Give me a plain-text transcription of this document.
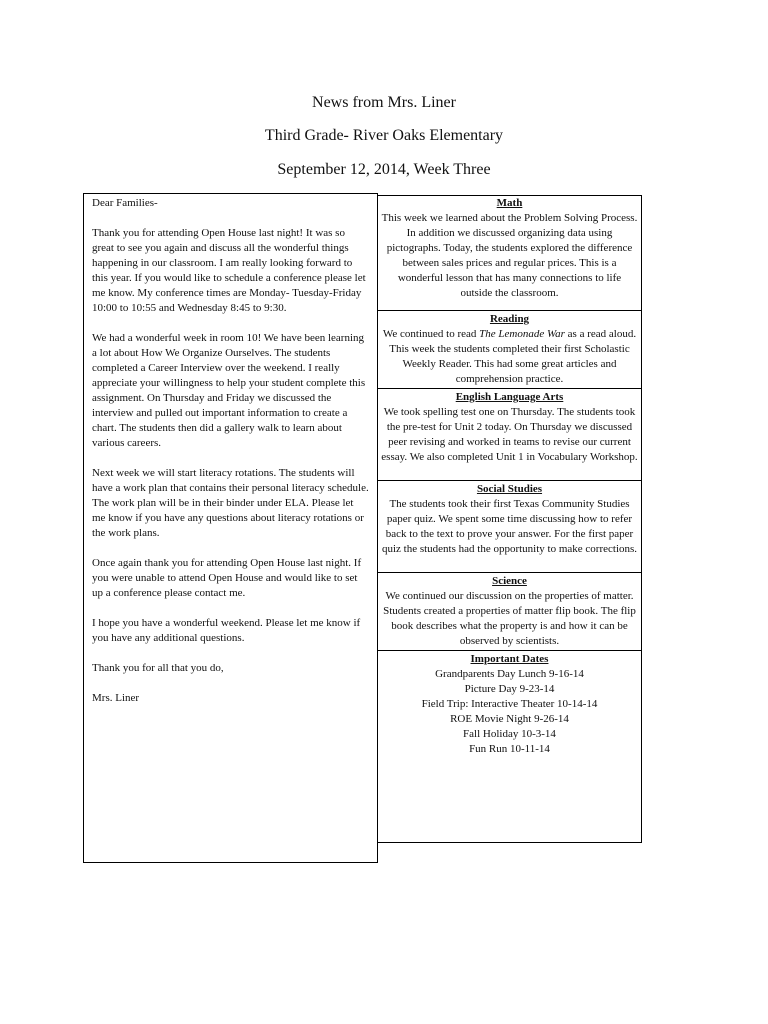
News from Mrs. Liner
Third Grade- River Oaks Elementary
September 12, 2014, Week Three

Dear Families-

Thank you for attending Open House last night! It was so great to see you again and discuss all the wonderful things happening in our classroom. I am really looking forward to this year. If you would like to schedule a conference please let me know. My conference times are Monday- Tuesday-Friday 10:00 to 10:55 and Wednesday 8:45 to 9:30.

We had a wonderful week in room 10! We have been learning a lot about How We Organize Ourselves. The students completed a Career Interview over the weekend. I really appreciate your willingness to help your student complete this assignment. On Thursday and Friday we discussed the interview and pulled out important information to create a chart. The students then did a gallery walk to learn about various careers.

Next week we will start literacy rotations. The students will have a work plan that contains their personal literacy schedule. The work plan will be in their binder under ELA. Please let me know if you have any questions about literacy rotations or the work plans.

Once again thank you for attending Open House last night. If you were unable to attend Open House and would like to set up a conference please contact me.

I hope you have a wonderful weekend. Please let me know if you have any additional questions.

Thank you for all that you do,

Mrs. Liner

Math
This week we learned about the Problem Solving Process. In addition we discussed organizing data using pictographs. Today, the students explored the difference between sales prices and regular prices. This is a wonderful lesson that has many connections to life outside the classroom.
Reading
We continued to read The Lemonade War as a read aloud. This week the students completed their first Scholastic Weekly Reader. This had some great articles and comprehension practice.
English Language Arts
We took spelling test one on Thursday. The students took the pre-test for Unit 2 today. On Thursday we discussed peer revising and worked in teams to revise our current essay. We also completed Unit 1 in Vocabulary Workshop.
Social Studies
The students took their first Texas Community Studies paper quiz. We spent some time discussing how to refer back to the text to prove your answer. For the first paper quiz the students had the opportunity to make corrections.
Science
We continued our discussion on the properties of matter. Students created a properties of matter flip book. The flip book describes what the property is and how it can be observed by scientists.
Important Dates
Grandparents Day Lunch 9-16-14
Picture Day 9-23-14
Field Trip: Interactive Theater 10-14-14
ROE Movie Night 9-26-14
Fall Holiday 10-3-14
Fun Run 10-11-14
